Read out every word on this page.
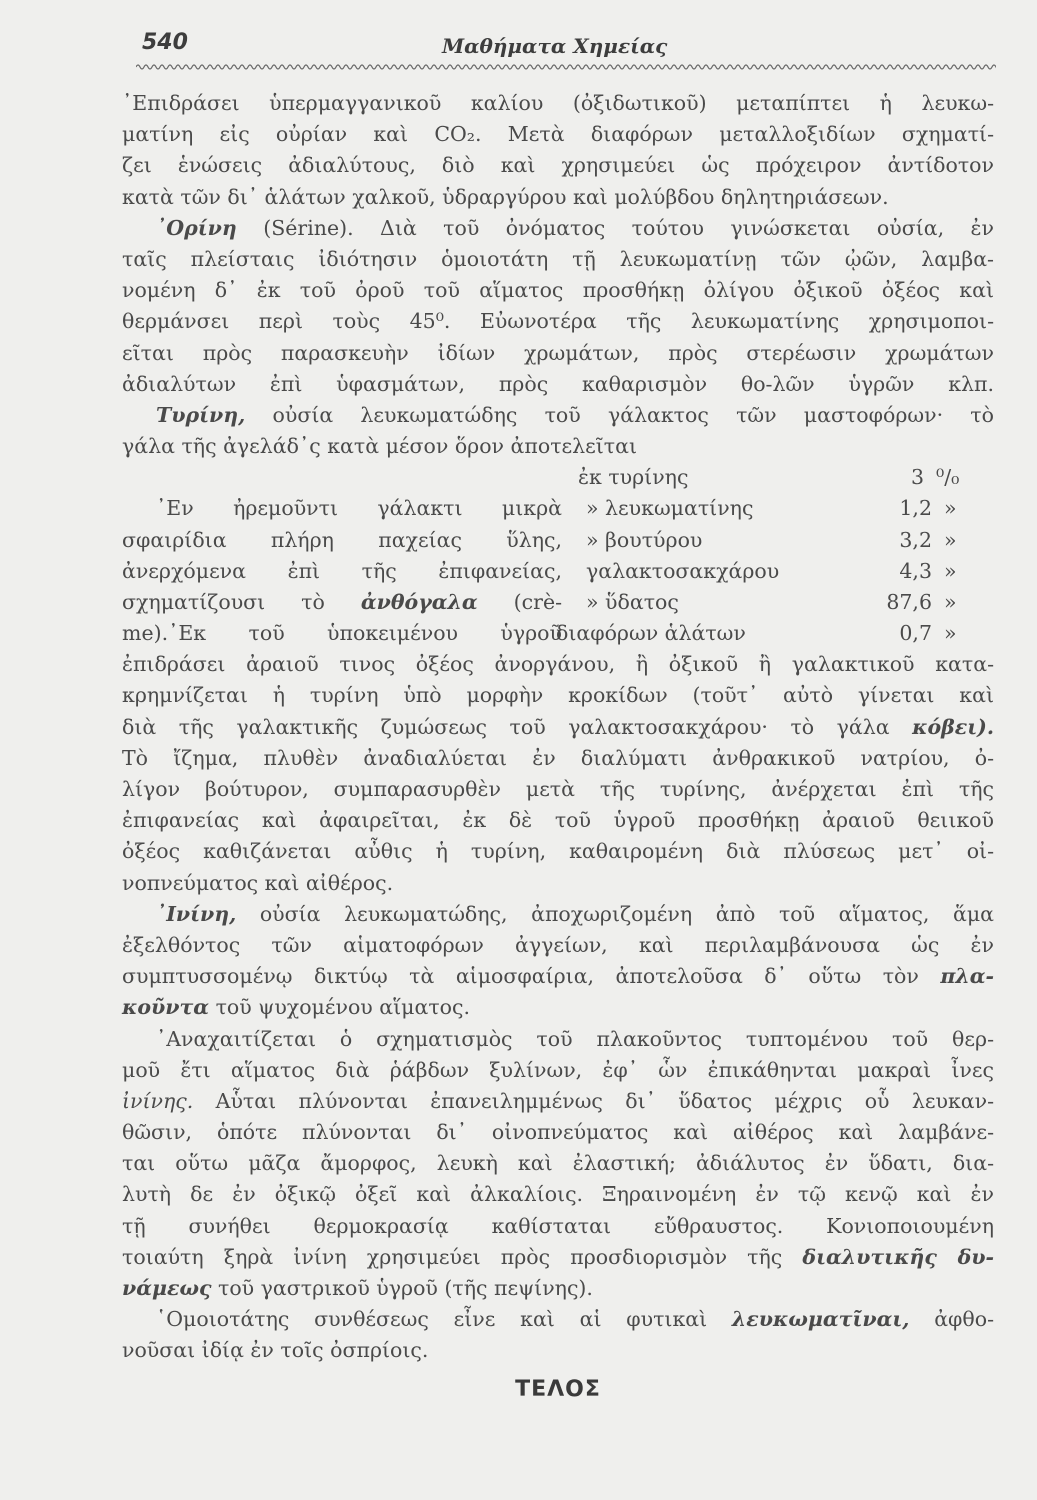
540	Μαθήματα Χημείας
᾿Επιδράσει ὑπερμαγγανικοῦ καλίου (ὀξιδωτικοῦ) μεταπίπτει ἡ λευκω-
ματίνη εἰς οὐρίαν καὶ CO₂. Μετὰ διαφόρων μεταλλοξιδίων σχηματί-
ζει ἑνώσεις ἀδιαλύτους, διὸ καὶ χρησιμεύει ὡς πρόχειρον ἀντίδοτον
κατὰ τῶν δι᾿ ἁλάτων χαλκοῦ, ὑδραργύρου καὶ μολύβδου δηλητηριάσεων.
᾿Ορίνη (Sérine). Διὰ τοῦ ὀνόματος τούτου γινώσκεται οὐσία, ἐν
ταῖς πλείσταις ἰδιότησιν ὁμοιοτάτη τῇ λευκωματίνῃ τῶν ᾠῶν, λαμβα-
νομένη δ᾿ ἐκ τοῦ ὀροῦ τοῦ αἵματος προσθήκῃ ὀλίγου ὀξικοῦ ὀξέος καὶ
θερμάνσει περὶ τοὺς 45⁰. Εὐωνοτέρα τῆς λευκωματίνης χρησιμοποι-
εῖται πρὸς παρασκευὴν ἰδίων χρωμάτων, πρὸς στερέωσιν χρωμάτων
ἀδιαλύτων ἐπὶ ὑφασμάτων, πρὸς καθαρισμὸν θο-λῶν ὑγρῶν κλπ.
Τυρίνη, οὐσία λευκωματώδης τοῦ γάλακτος τῶν μαστοφόρων· τὸ
γάλα τῆς ἀγελάδ᾿ς κατὰ μέσον ὅρον ἀποτελεῖται
᾿Εν ἠρεμοῦντι γάλακτι μικρὰ
σφαιρίδια πλήρη παχείας ὕλης,
ἀνερχόμενα ἐπὶ τῆς ἐπιφανείας,
σχηματίζουσι τὸ ἀνθόγαλα (crè-
me).᾿Εκ τοῦ ὑποκειμένου ὑγροῦ
ἐκ τυρίνης	3 ⁰/₀
» λευκωματίνης	1,2 »
» βουτύρου	3,2 »
γαλακτοσακχάρου	4,3 »
» ὕδατος	87,6 »
διαφόρων ἁλάτων	0,7 »
ἐπιδράσει ἀραιοῦ τινος ὀξέος ἀνοργάνου, ἢ ὀξικοῦ ἢ γαλακτικοῦ κατα-
κρημνίζεται ἡ τυρίνη ὑπὸ μορφὴν κροκίδων (τοῦτ᾿ αὐτὸ γίνεται καὶ
διὰ τῆς γαλακτικῆς ζυμώσεως τοῦ γαλακτοσακχάρου· τὸ γάλα κόβει).
Τὸ ἴζημα, πλυθὲν ἀναδιαλύεται ἐν διαλύματι ἀνθρακικοῦ νατρίου, ὀ-
λίγον βούτυρον, συμπαρασυρθὲν μετὰ τῆς τυρίνης, ἀνέρχεται ἐπὶ τῆς
ἐπιφανείας καὶ ἀφαιρεῖται, ἐκ δὲ τοῦ ὑγροῦ προσθήκῃ ἀραιοῦ θειικοῦ
ὀξέος καθιζάνεται αὖθις ἡ τυρίνη, καθαιρομένη διὰ πλύσεως μετ᾿ οἰ-
νοπνεύματος καὶ αἰθέρος.
᾿Ινίνη, οὐσία λευκωματώδης, ἀποχωριζομένη ἀπὸ τοῦ αἵματος, ἅμα
ἐξελθόντος τῶν αἱματοφόρων ἀγγείων, καὶ περιλαμβάνουσα ὡς ἐν
συμπτυσσομένῳ δικτύῳ τὰ αἱμοσφαίρια, ἀποτελοῦσα δ᾿ οὕτω τὸν πλα-
κοῦντα τοῦ ψυχομένου αἵματος.
᾿Αναχαιτίζεται ὁ σχηματισμὸς τοῦ πλακοῦντος τυπτομένου τοῦ θερ-
μοῦ ἔτι αἵματος διὰ ῥάβδων ξυλίνων, ἐφ᾿ ὧν ἐπικάθηνται μακραὶ ἶνες
ἰνίνης. Αὗται πλύνονται ἐπανειλημμένως δι᾿ ὕδατος μέχρις οὗ λευκαν-
θῶσιν, ὁπότε πλύνονται δι᾿ οἰνοπνεύματος καὶ αἰθέρος καὶ λαμβάνε-
ται οὕτω μᾶζα ἄμορφος, λευκὴ καὶ ἐλαστική; ἀδιάλυτος ἐν ὕδατι, δια-
λυτὴ δε ἐν ὀξικῷ ὀξεῖ καὶ ἀλκαλίοις. Ξηραινομένη ἐν τῷ κενῷ καὶ ἐν
τῇ συνήθει θερμοκρασίᾳ καθίσταται εὔθραυστος. Κονιοποιουμένη
τοιαύτη ξηρὰ ἰνίνη χρησιμεύει πρὸς προσδιορισμὸν τῆς διαλυτικῆς δυ-
νάμεως τοῦ γαστρικοῦ ὑγροῦ (τῆς πεψίνης).
῾Ομοιοτάτης συνθέσεως εἶνε καὶ αἱ φυτικαὶ λευκωματῖναι, ἀφθο-
νοῦσαι ἰδίᾳ ἐν τοῖς ὀσπρίοις.
ΤΕΛΟΣ
